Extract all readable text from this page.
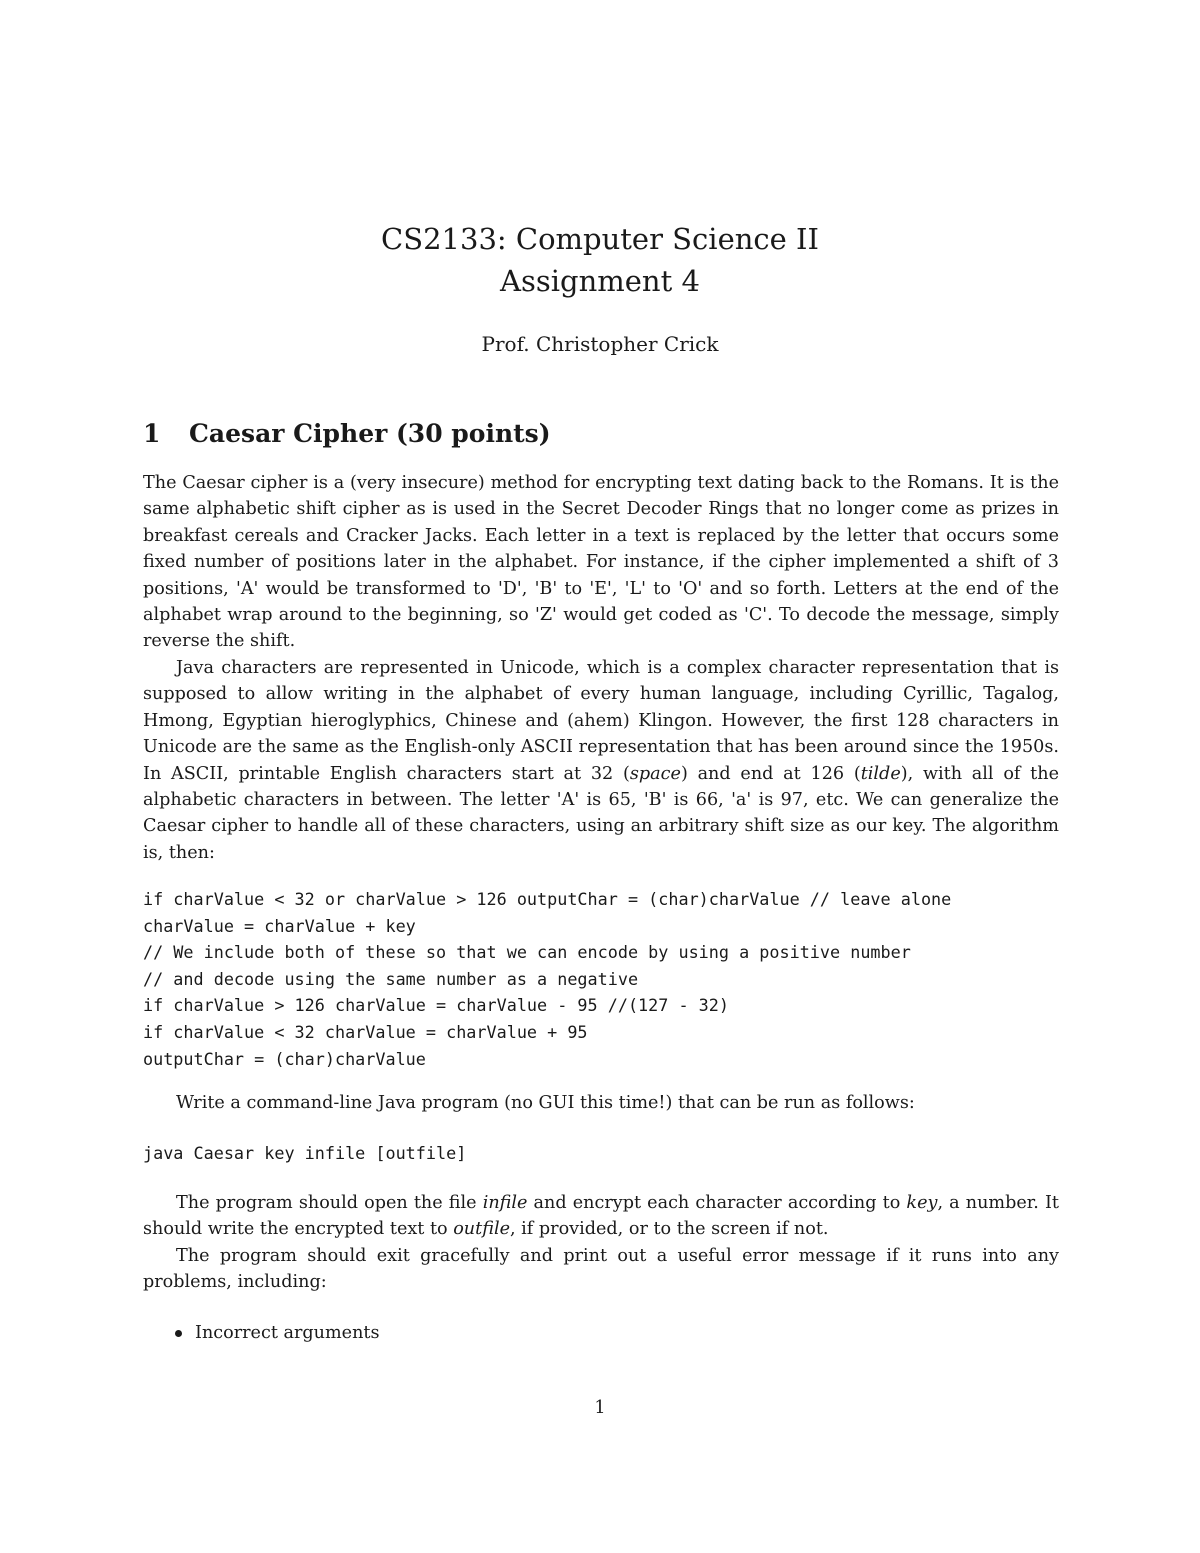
CS2133: Computer Science II
Assignment 4
Prof. Christopher Crick
1 Caesar Cipher (30 points)

The Caesar cipher is a (very insecure) method for encrypting text dating back to the Romans. It is the same alphabetic shift cipher as is used in the Secret Decoder Rings that no longer come as prizes in breakfast cereals and Cracker Jacks. Each letter in a text is replaced by the letter that occurs some fixed number of positions later in the alphabet. For instance, if the cipher implemented a shift of 3 positions, 'A' would be transformed to 'D', 'B' to 'E', 'L' to 'O' and so forth. Letters at the end of the alphabet wrap around to the beginning, so 'Z' would get coded as 'C'. To decode the message, simply reverse the shift.

Java characters are represented in Unicode, which is a complex character representation that is supposed to allow writing in the alphabet of every human language, including Cyrillic, Tagalog, Hmong, Egyptian hieroglyphics, Chinese and (ahem) Klingon. However, the first 128 characters in Unicode are the same as the English-only ASCII representation that has been around since the 1950s. In ASCII, printable English characters start at 32 (space) and end at 126 (tilde), with all of the alphabetic characters in between. The letter 'A' is 65, 'B' is 66, 'a' is 97, etc. We can generalize the Caesar cipher to handle all of these characters, using an arbitrary shift size as our key. The algorithm is, then:

if charValue < 32 or charValue > 126 outputChar = (char)charValue // leave alone
charValue = charValue + key
// We include both of these so that we can encode by using a positive number
// and decode using the same number as a negative
if charValue > 126 charValue = charValue - 95 //(127 - 32)
if charValue < 32 charValue = charValue + 95
outputChar = (char)charValue

Write a command-line Java program (no GUI this time!) that can be run as follows:

java Caesar key infile [outfile]

The program should open the file infile and encrypt each character according to key, a number. It should write the encrypted text to outfile, if provided, or to the screen if not.

The program should exit gracefully and print out a useful error message if it runs into any problems, including:

Incorrect arguments
1
